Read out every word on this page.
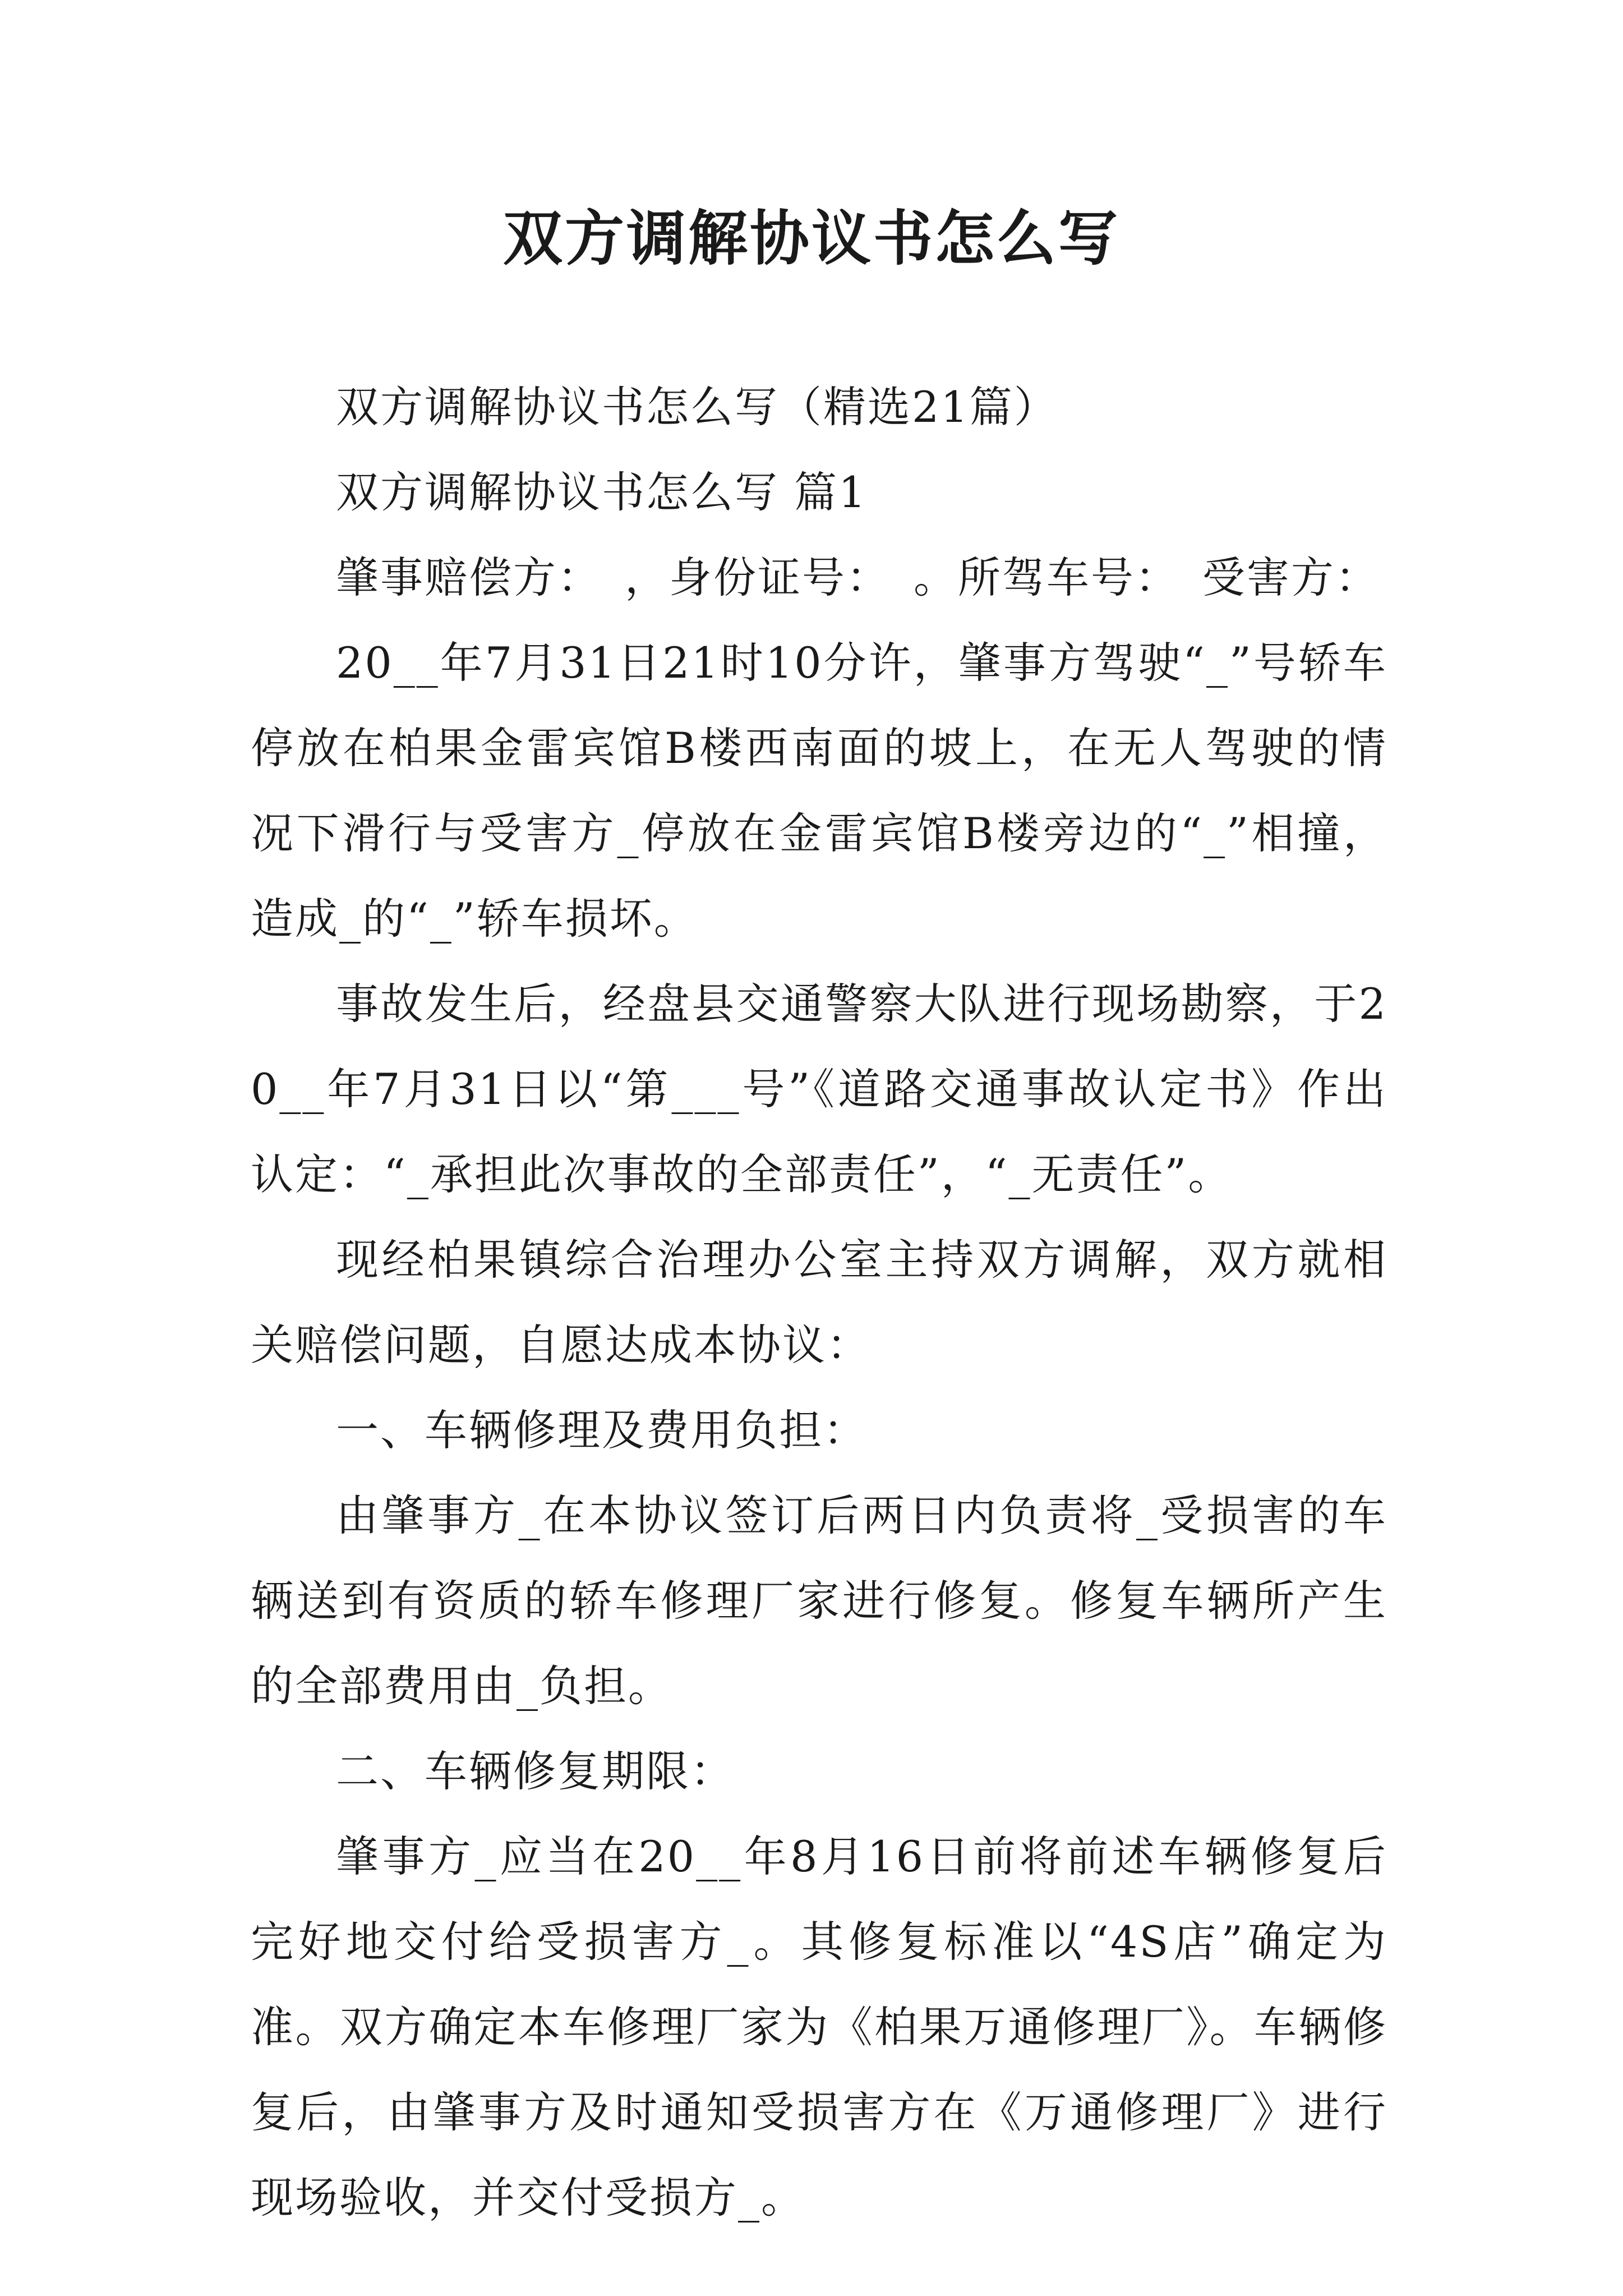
双方调解协议书怎么写

双方调解协议书怎么写（精选21篇）

双方调解协议书怎么写 篇1

肇事赔偿方：　，身份证号：　。所驾车号：　受害方：

20__年7月31日21时10分许，肇事方驾驶“_”号轿车停放在柏果金雷宾馆B楼西南面的坡上，在无人驾驶的情况下滑行与受害方_停放在金雷宾馆B楼旁边的“_”相撞，造成_的“_”轿车损坏。

事故发生后，经盘县交通警察大队进行现场勘察，于20__年7月31日以“第___号”《道路交通事故认定书》作出认定：“_承担此次事故的全部责任”，“_无责任”。

现经柏果镇综合治理办公室主持双方调解，双方就相关赔偿问题，自愿达成本协议：

一、车辆修理及费用负担：

由肇事方_在本协议签订后两日内负责将_受损害的车辆送到有资质的轿车修理厂家进行修复。修复车辆所产生的全部费用由_负担。

二、车辆修复期限：

肇事方_应当在20__年8月16日前将前述车辆修复后完好地交付给受损害方_。其修复标准以“4S店”确定为准。双方确定本车修理厂家为《柏果万通修理厂》。车辆修复后，由肇事方及时通知受损害方在《万通修理厂》进行现场验收，并交付受损方_。
